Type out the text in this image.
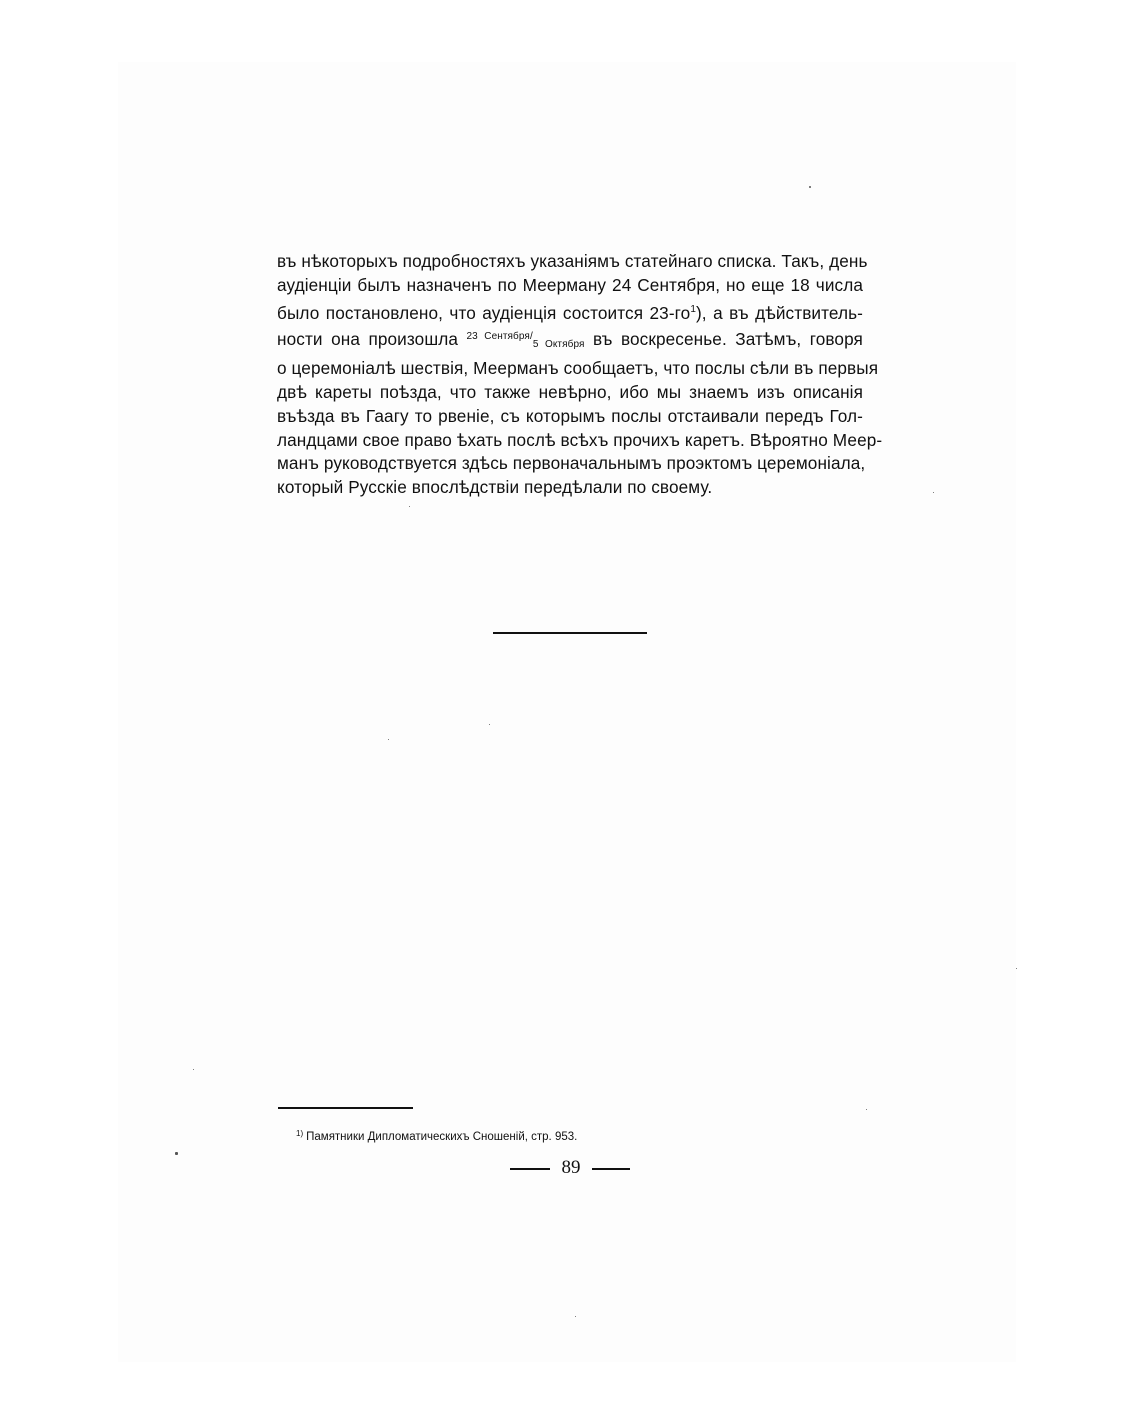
въ нѣкоторыхъ подробностяхъ указаніямъ статейнаго списка. Такъ, день
аудіенціи былъ назначенъ по Меерману 24 Сентября, но еще 18 числа
было постановлено, что аудіенція состоится $23-го^1$), а въ дѣйствитель-
ности она произошла $^{23 Сентября/}$5 Октября въ воскресенье. Затѣмъ, говоря
о церемоніалѣ шествія, Меерманъ сообщаетъ, что послы сѣли въ первыя
двѣ кареты поѣзда, что также невѣрно, ибо мы знаемъ изъ описанія
въѣзда въ Гаагу то рвеніе, съ которымъ послы отстаивали передъ Гол-
ландцами свое право ѣхать послѣ всѣхъ прочихъ каретъ. Вѣроятно Меер-
манъ руководствуется здѣсь первоначальнымъ проэктомъ церемоніала,
который Русскіе впослѣдствіи передѣлали по своему.
$^{1)}$ Памятники Дипломатическихъ Сношеній, стр. 953.
89
